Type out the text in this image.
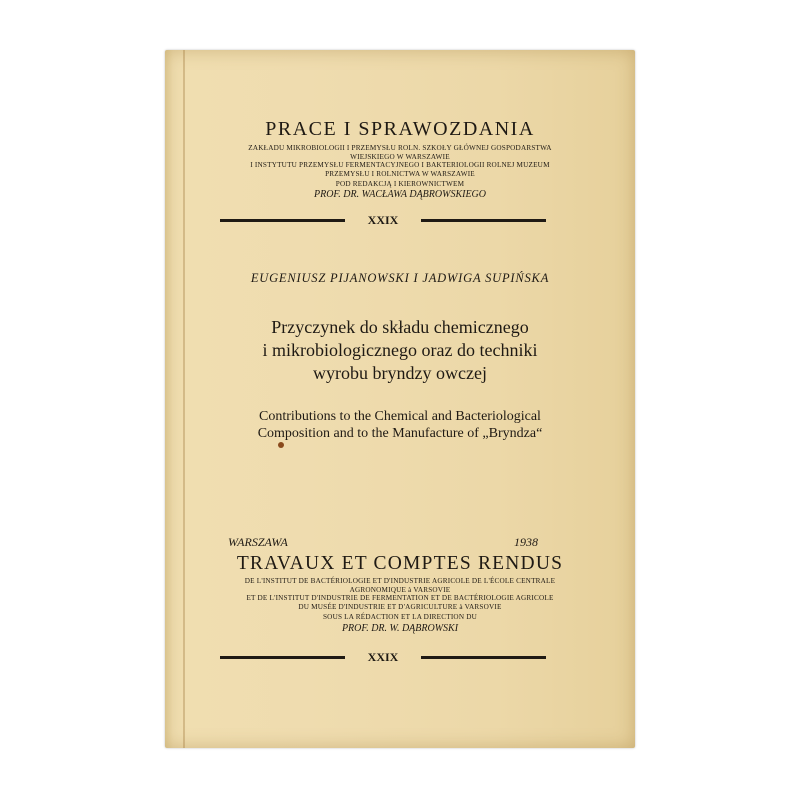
PRACE I SPRAWOZDANIA
ZAKŁADU MIKROBIOLOGII I PRZEMYSŁU ROLN. SZKOŁY GŁÓWNEJ GOSPODARSTWA
WIEJSKIEGO W WARSZAWIE
I INSTYTUTU PRZEMYSŁU FERMENTACYJNEGO I BAKTERIOLOGII ROLNEJ MUZEUM
PRZEMYSŁU I ROLNICTWA W WARSZAWIE
POD REDAKCJĄ I KIEROWNICTWEM
PROF. DR. WACŁAWA DĄBROWSKIEGO
XXIX
EUGENIUSZ PIJANOWSKI I JADWIGA SUPIŃSKA
Przyczynek do składu chemicznego
i mikrobiologicznego oraz do techniki
wyrobu bryndzy owczej
Contributions to the Chemical and Bacteriological
Composition and to the Manufacture of „Bryndza“
WARSZAWA	1938
TRAVAUX ET COMPTES RENDUS
DE L'INSTITUT DE BACTÉRIOLOGIE ET D'INDUSTRIE AGRICOLE DE L'ÉCOLE CENTRALE
AGRONOMIQUE à VARSOVIE
ET DE L'INSTITUT D'INDUSTRIE DE FERMENTATION ET DE BACTÉRIOLOGIE AGRICOLE
DU MUSÉE D'INDUSTRIE ET D'AGRICULTURE à VARSOVIE
SOUS LA RÉDACTION ET LA DIRECTION DU
PROF. DR. W. DĄBROWSKI
XXIX
